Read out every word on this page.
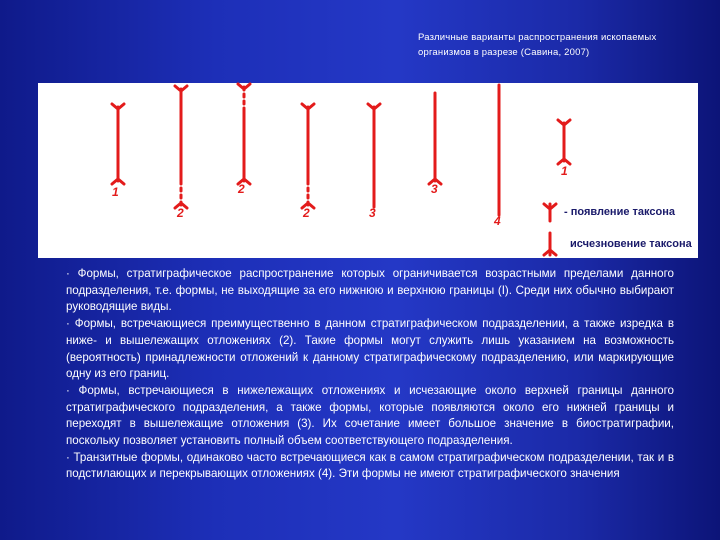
Различные варианты распространения ископаемых организмов в разрезе (Савина, 2007)
1
2
2
2	3
3
4
1
- появление таксона
исчезновение таксона

· Формы, стратиграфическое распространение которых ограничивается возрастными пределами данного подразделения, т.е. формы, не выходящие за его нижнюю и верхнюю границы (I). Среди них обычно выбирают руководящие виды.

· Формы, встречающиеся преимущественно в данном стратиграфическом подразделении, а также изредка в ниже- и вышележащих отложениях (2). Такие формы могут служить лишь указанием на возможность (вероятность) принадлежности отложений к данному стратиграфическому подразделению, или маркирующие одну из его границ.

· Формы, встречающиеся в нижележащих отложениях и исчезающие около верхней границы данного стратиграфического подразделения, а также формы, которые появляются около его нижней границы и переходят в вышележащие отложения (3). Их сочетание имеет большое значение в биостратиграфии, поскольку позволяет установить полный объем соответствующего подразделения.

· Транзитные формы, одинаково часто встречающиеся как в самом стратиграфическом подразделении, так и в подстилающих и перекрывающих отложениях (4). Эти формы не имеют стратиграфического значения
